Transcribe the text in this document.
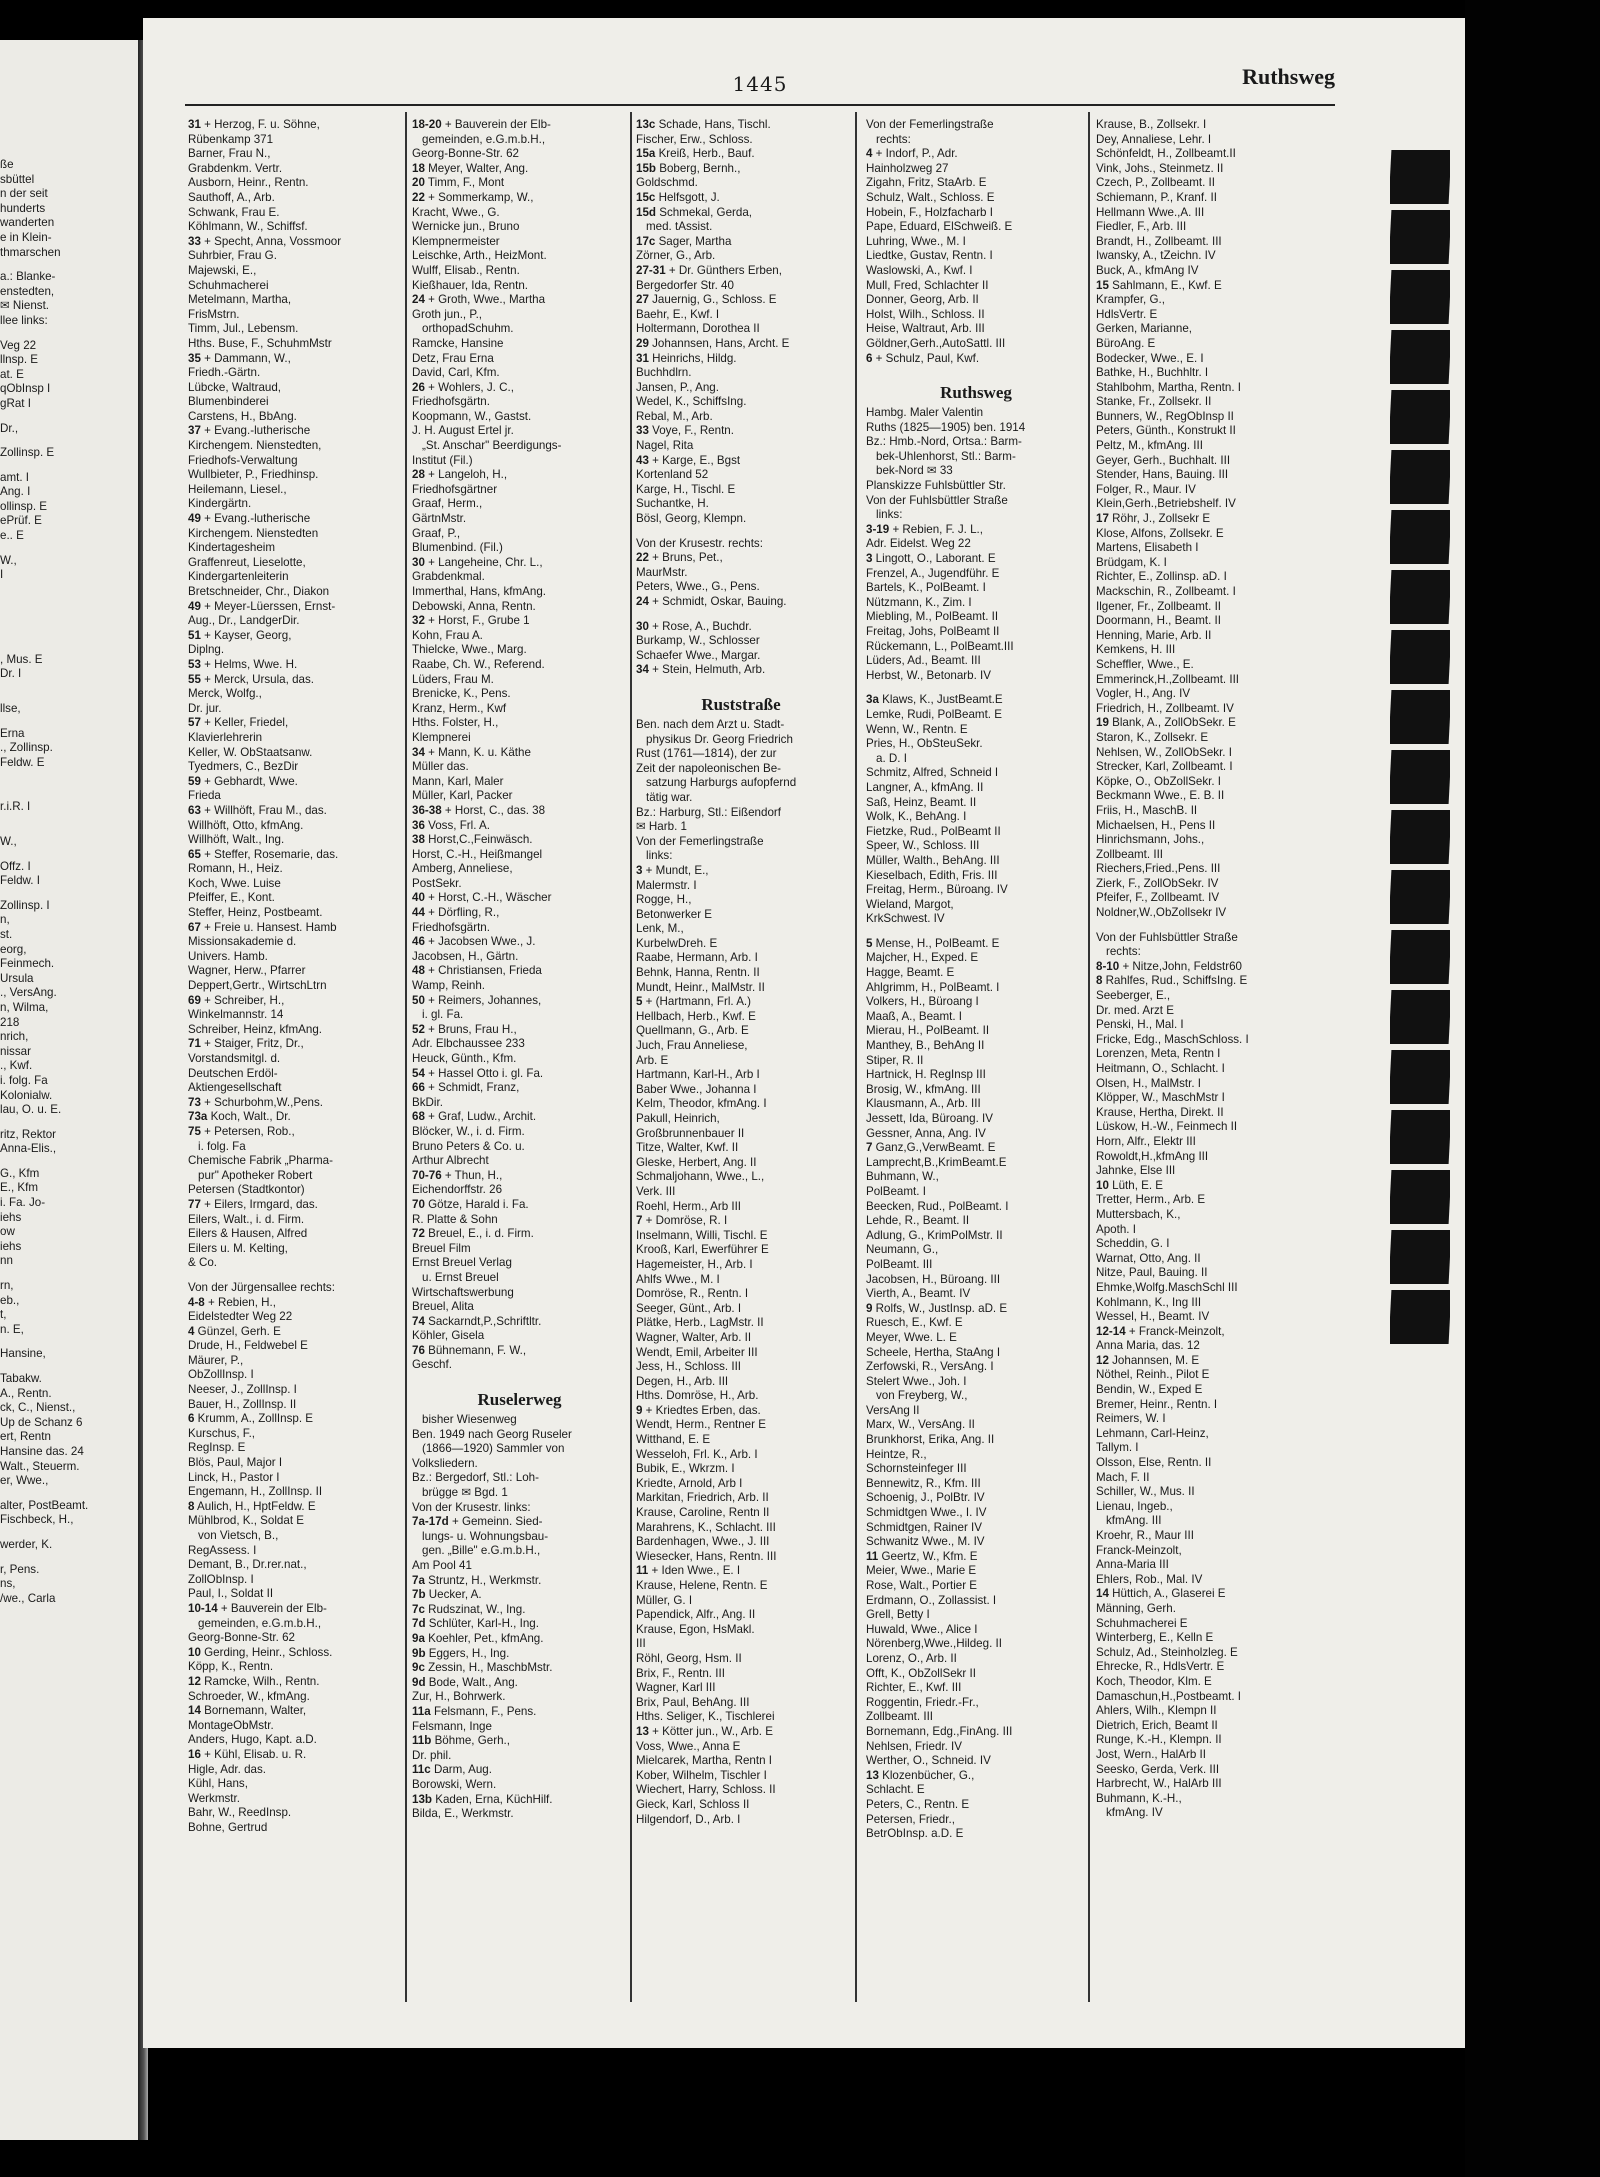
ße
sbüttel
n der seit
hunderts
wanderten
e in Klein-
thmarschen
a.: Blanke-
enstedten,
✉ Nienst.
llee links:
Veg 22
llnsp. E
at. E
qObInsp I
gRat I
Dr.,
Zollinsp. E
amt. I
Ang. I
ollinsp. E
ePrüf. E
e.. E
W.,
I
, Mus. E
Dr. I
llse,
Erna
., Zollinsp.
Feldw. E
r.i.R. I
W.,
Offz. I
Feldw. I
Zollinsp. I
n,
st.
eorg,
Feinmech.
Ursula
., VersAng.
n, Wilma,
218
nrich,
nissar
., Kwf.
i. folg. Fa
Kolonialw.
lau, O. u. E.
ritz, Rektor
Anna-Elis.,
G., Kfm
E., Kfm
i. Fa. Jo-
iehs
ow
iehs
nn
rn,
eb.,
t,
n. E,
Hansine,
Tabakw.
A., Rentn.
ck, C., Nienst.,
Up de Schanz 6
ert, Rentn
Hansine das. 24
Walt., Steuerm.
er, Wwe.,
alter, PostBeamt.
Fischbeck, H.,
werder, K.
r, Pens.
ns,
/we., Carla
1445	Ruthsweg
31 + Herzog, F. u. Söhne,
Rübenkamp 371
Barner, Frau N.,
Grabdenkm. Vertr.
Ausborn, Heinr., Rentn.
Sauthoff, A., Arb.
Schwank, Frau E.
Köhlmann, W., Schiffsf.
33 + Specht, Anna, Vossmoor
Suhrbier, Frau G.
Majewski, E.,
Schuhmacherei
Metelmann, Martha,
FrisMstrn.
Timm, Jul., Lebensm.
Hths. Buse, F., SchuhmMstr
35 + Dammann, W.,
Friedh.-Gärtn.
Lübcke, Waltraud,
Blumenbinderei
Carstens, H., BbAng.
37 + Evang.-lutherische
Kirchengem. Nienstedten,
Friedhofs-Verwaltung
Wullbieter, P., Friedhinsp.
Heilemann, Liesel.,
Kindergärtn.
49 + Evang.-lutherische
Kirchengem. Nienstedten
Kindertagesheim
Graffenreut, Lieselotte,
Kindergartenleiterin
Bretschneider, Chr., Diakon
49 + Meyer-Lüerssen, Ernst-
Aug., Dr., LandgerDir.
51 + Kayser, Georg,
Diplng.
53 + Helms, Wwe. H.
55 + Merck, Ursula, das.
Merck, Wolfg.,
Dr. jur.
57 + Keller, Friedel,
Klavierlehrerin
Keller, W. ObStaatsanw.
Tyedmers, C., BezDir
59 + Gebhardt, Wwe.
Frieda
63 + Willhöft, Frau M., das.
Willhöft, Otto, kfmAng.
Willhöft, Walt., Ing.
65 + Steffer, Rosemarie, das.
Romann, H., Heiz.
Koch, Wwe. Luise
Pfeiffer, E., Kont.
Steffer, Heinz, Postbeamt.
67 + Freie u. Hansest. Hamb
Missionsakademie d.
Univers. Hamb.
Wagner, Herw., Pfarrer
Deppert,Gertr., WirtschLtrn
69 + Schreiber, H.,
Winkelmannstr. 14
Schreiber, Heinz, kfmAng.
71 + Staiger, Fritz, Dr.,
Vorstandsmitgl. d.
Deutschen Erdöl-
Aktiengesellschaft
73 + Schurbohm,W.,Pens.
73a Koch, Walt., Dr.
75 + Petersen, Rob.,
i. folg. Fa
Chemische Fabrik „Pharma-
pur" Apotheker Robert
Petersen (Stadtkontor)
77 + Eilers, Irmgard, das.
Eilers, Walt., i. d. Firm.
Eilers & Hausen, Alfred
Eilers u. M. Kelting,
& Co.
Von der Jürgensallee rechts:
4-8 + Rebien, H.,
Eidelstedter Weg 22
4 Günzel, Gerh. E
Drude, H., Feldwebel E
Mäurer, P.,
ObZollInsp. I
Neeser, J., ZollInsp. I
Bauer, H., ZollInsp. II
6 Krumm, A., ZollInsp. E
Kurschus, F.,
RegInsp. E
Blös, Paul, Major I
Linck, H., Pastor I
Engemann, H., ZollInsp. II
8 Aulich, H., HptFeldw. E
Mühlbrod, K., Soldat E
von Vietsch, B.,
RegAssess. I
Demant, B., Dr.rer.nat.,
ZollObInsp. I
Paul, I., Soldat II
10-14 + Bauverein der Elb-
gemeinden, e.G.m.b.H.,
Georg-Bonne-Str. 62
10 Gerding, Heinr., Schloss.
Köpp, K., Rentn.
12 Ramcke, Wilh., Rentn.
Schroeder, W., kfmAng.
14 Bornemann, Walter,
MontageObMstr.
Anders, Hugo, Kapt. a.D.
16 + Kühl, Elisab. u. R.
Higle, Adr. das.
Kühl, Hans,
Werkmstr.
Bahr, W., ReedInsp.
Bohne, Gertrud
18-20 + Bauverein der Elb-
gemeinden, e.G.m.b.H.,
Georg-Bonne-Str. 62
18 Meyer, Walter, Ang.
20 Timm, F., Mont
22 + Sommerkamp, W.,
Kracht, Wwe., G.
Wernicke jun., Bruno
Klempnermeister
Leischke, Arth., HeizMont.
Wulff, Elisab., Rentn.
Kießhauer, Ida, Rentn.
24 + Groth, Wwe., Martha
Groth jun., P.,
orthopadSchuhm.
Ramcke, Hansine
Detz, Frau Erna
David, Carl, Kfm.
26 + Wohlers, J. C.,
Friedhofsgärtn.
Koopmann, W., Gastst.
J. H. August Ertel jr.
„St. Anschar" Beerdigungs-
Institut (Fil.)
28 + Langeloh, H.,
Friedhofsgärtner
Graaf, Herm.,
GärtnMstr.
Graaf, P.,
Blumenbind. (Fil.)
30 + Langeheine, Chr. L.,
Grabdenkmal.
Immerthal, Hans, kfmAng.
Debowski, Anna, Rentn.
32 + Horst, F., Grube 1
Kohn, Frau A.
Thielcke, Wwe., Marg.
Raabe, Ch. W., Referend.
Lüders, Frau M.
Brenicke, K., Pens.
Kranz, Herm., Kwf
Hths. Folster, H.,
Klempnerei
34 + Mann, K. u. Käthe
Müller das.
Mann, Karl, Maler
Müller, Karl, Packer
36-38 + Horst, C., das. 38
36 Voss, Frl. A.
38 Horst,C.,Feinwäsch.
Horst, C.-H., Heißmangel
Amberg, Anneliese,
PostSekr.
40 + Horst, C.-H., Wäscher
44 + Dörfling, R.,
Friedhofsgärtn.
46 + Jacobsen Wwe., J.
Jacobsen, H., Gärtn.
48 + Christiansen, Frieda
Wamp, Reinh.
50 + Reimers, Johannes,
i. gl. Fa.
52 + Bruns, Frau H.,
Adr. Elbchaussee 233
Heuck, Günth., Kfm.
54 + Hassel Otto i. gl. Fa.
66 + Schmidt, Franz,
BkDir.
68 + Graf, Ludw., Archit.
Blöcker, W., i. d. Firm.
Bruno Peters & Co. u.
Arthur Albrecht
70-76 + Thun, H.,
Eichendorffstr. 26
70 Götze, Harald i. Fa.
R. Platte & Sohn
72 Breuel, E., i. d. Firm.
Breuel Film
Ernst Breuel Verlag
u. Ernst Breuel
Wirtschaftswerbung
Breuel, Alita
74 Sackarndt,P.,Schriftltr.
Köhler, Gisela
76 Bühnemann, F. W.,
Geschf.
Ruselerweg
bisher Wiesenweg
Ben. 1949 nach Georg Ruseler
(1866—1920) Sammler von
Volksliedern.
Bz.: Bergedorf, Stl.: Loh-
brügge ✉ Bgd. 1
Von der Krusestr. links:
7a-17d + Gemeinn. Sied-
lungs- u. Wohnungsbau-
gen. „Bille" e.G.m.b.H.,
Am Pool 41
7a Struntz, H., Werkmstr.
7b Uecker, A.
7c Rudszinat, W., Ing.
7d Schlüter, Karl-H., Ing.
9a Koehler, Pet., kfmAng.
9b Eggers, H., Ing.
9c Zessin, H., MaschbMstr.
9d Bode, Walt., Ang.
Zur, H., Bohrwerk.
11a Felsmann, F., Pens.
Felsmann, Inge
11b Böhme, Gerh.,
Dr. phil.
11c Darm, Aug.
Borowski, Wern.
13b Kaden, Erna, KüchHilf.
Bilda, E., Werkmstr.
13c Schade, Hans, Tischl.
Fischer, Erw., Schloss.
15a Kreiß, Herb., Bauf.
15b Boberg, Bernh.,
Goldschmd.
15c Helfsgott, J.
15d Schmekal, Gerda,
med. tAssist.
17c Sager, Martha
Zörner, G., Arb.
27-31 + Dr. Günthers Erben,
Bergedorfer Str. 40
27 Jauernig, G., Schloss. E
Baehr, E., Kwf. I
Holtermann, Dorothea II
29 Johannsen, Hans, Archt. E
31 Heinrichs, Hildg.
Buchhdlrn.
Jansen, P., Ang.
Wedel, K., SchiffsIng.
Rebal, M., Arb.
33 Voye, F., Rentn.
Nagel, Rita
43 + Karge, E., Bgst
Kortenland 52
Karge, H., Tischl. E
Suchantke, H.
Bösl, Georg, Klempn.
Von der Krusestr. rechts:
22 + Bruns, Pet.,
MaurMstr.
Peters, Wwe., G., Pens.
24 + Schmidt, Oskar, Bauing.
30 + Rose, A., Buchdr.
Burkamp, W., Schlosser
Schaefer Wwe., Margar.
34 + Stein, Helmuth, Arb.
Ruststraße
Ben. nach dem Arzt u. Stadt-
physikus Dr. Georg Friedrich
Rust (1761—1814), der zur
Zeit der napoleonischen Be-
satzung Harburgs aufopfernd
tätig war.
Bz.: Harburg, Stl.: Eißendorf
✉ Harb. 1
Von der Femerlingstraße
links:
3 + Mundt, E.,
Malermstr. I
Rogge, H.,
Betonwerker E
Lenk, M.,
KurbelwDreh. E
Raabe, Hermann, Arb. I
Behnk, Hanna, Rentn. II
Mundt, Heinr., MalMstr. II
5 + (Hartmann, Frl. A.)
Hellbach, Herb., Kwf. E
Quellmann, G., Arb. E
Juch, Frau Anneliese,
Arb. E
Hartmann, Karl-H., Arb I
Baber Wwe., Johanna I
Kelm, Theodor, kfmAng. I
Pakull, Heinrich,
Großbrunnenbauer II
Titze, Walter, Kwf. II
Gleske, Herbert, Ang. II
Schmaljohann, Wwe., L.,
Verk. III
Roehl, Herm., Arb III
7 + Domröse, R. I
Inselmann, Willi, Tischl. E
Krooß, Karl, Ewerführer E
Hagemeister, H., Arb. I
Ahlfs Wwe., M. I
Domröse, R., Rentn. I
Seeger, Günt., Arb. I
Plätke, Herb., LagMstr. II
Wagner, Walter, Arb. II
Wendt, Emil, Arbeiter III
Jess, H., Schloss. III
Degen, H., Arb. III
Hths. Domröse, H., Arb.
9 + Kriedtes Erben, das.
Wendt, Herm., Rentner E
Witthand, E. E
Wesseloh, Frl. K., Arb. I
Bubik, E., Wkrzm. I
Kriedte, Arnold, Arb I
Markitan, Friedrich, Arb. II
Krause, Caroline, Rentn II
Marahrens, K., Schlacht. III
Bardenhagen, Wwe., J. III
Wiesecker, Hans, Rentn. III
11 + Iden Wwe., E. I
Krause, Helene, Rentn. E
Müller, G. I
Papendick, Alfr., Ang. II
Krause, Egon, HsMakl.
III
Röhl, Georg, Hsm. II
Brix, F., Rentn. III
Wagner, Karl III
Brix, Paul, BehAng. III
Hths. Seliger, K., Tischlerei
13 + Kötter jun., W., Arb. E
Voss, Wwe., Anna E
Mielcarek, Martha, Rentn I
Kober, Wilhelm, Tischler I
Wiechert, Harry, Schloss. II
Gieck, Karl, Schloss II
Hilgendorf, D., Arb. I
Von der Femerlingstraße
rechts:
4 + Indorf, P., Adr.
Hainholzweg 27
Zigahn, Fritz, StaArb. E
Schulz, Walt., Schloss. E
Hobein, F., Holzfacharb I
Pape, Eduard, ElSchweiß. E
Luhring, Wwe., M. I
Liedtke, Gustav, Rentn. I
Waslowski, A., Kwf. I
Mull, Fred, Schlachter II
Donner, Georg, Arb. II
Holst, Wilh., Schloss. II
Heise, Waltraut, Arb. III
Göldner,Gerh.,AutoSattl. III
6 + Schulz, Paul, Kwf.
Ruthsweg
Hambg. Maler Valentin
Ruths (1825—1905) ben. 1914
Bz.: Hmb.-Nord, Ortsa.: Barm-
bek-Uhlenhorst, Stl.: Barm-
bek-Nord ✉ 33
Planskizze Fuhlsbüttler Str.
Von der Fuhlsbüttler Straße
links:
3-19 + Rebien, F. J. L.,
Adr. Eidelst. Weg 22
3 Lingott, O., Laborant. E
Frenzel, A., Jugendführ. E
Bartels, K., PolBeamt. I
Nützmann, K., Zim. I
Miebling, M., PolBeamt. II
Freitag, Johs, PolBeamt II
Rückemann, L., PolBeamt.III
Lüders, Ad., Beamt. III
Herbst, W., Betonarb. IV
3a Klaws, K., JustBeamt.E
Lemke, Rudi, PolBeamt. E
Wenn, W., Rentn. E
Pries, H., ObSteuSekr.
a. D. I
Schmitz, Alfred, Schneid I
Langner, A., kfmAng. II
Saß, Heinz, Beamt. II
Wolk, K., BehAng. I
Fietzke, Rud., PolBeamt II
Speer, W., Schloss. III
Müller, Walth., BehAng. III
Kieselbach, Edith, Fris. III
Freitag, Herm., Büroang. IV
Wieland, Margot,
KrkSchwest. IV
5 Mense, H., PolBeamt. E
Majcher, H., Exped. E
Hagge, Beamt. E
Ahlgrimm, H., PolBeamt. I
Volkers, H., Büroang I
Maaß, A., Beamt. I
Mierau, H., PolBeamt. II
Manthey, B., BehAng II
Stiper, R. II
Hartnick, H. RegInsp III
Brosig, W., kfmAng. III
Klausmann, A., Arb. III
Jessett, Ida, Büroang. IV
Gessner, Anna, Ang. IV
7 Ganz,G.,VerwBeamt. E
Lamprecht,B.,KrimBeamt.E
Buhmann, W.,
PolBeamt. I
Beecken, Rud., PolBeamt. I
Lehde, R., Beamt. II
Adlung, G., KrimPolMstr. II
Neumann, G.,
PolBeamt. III
Jacobsen, H., Büroang. III
Vierth, A., Beamt. IV
9 Rolfs, W., JustInsp. aD. E
Ruesch, E., Kwf. E
Meyer, Wwe. L. E
Scheele, Hertha, StaAng I
Zerfowski, R., VersAng. I
Stelert Wwe., Joh. I
von Freyberg, W.,
VersAng II
Marx, W., VersAng. II
Brunkhorst, Erika, Ang. II
Heintze, R.,
Schornsteinfeger III
Bennewitz, R., Kfm. III
Schoenig, J., PolBtr. IV
Schmidtgen Wwe., I. IV
Schmidtgen, Rainer IV
Schwanitz Wwe., M. IV
11 Geertz, W., Kfm. E
Meier, Wwe., Marie E
Rose, Walt., Portier E
Erdmann, O., Zollassist. I
Grell, Betty I
Huwald, Wwe., Alice I
Nörenberg,Wwe.,Hildeg. II
Lorenz, O., Arb. II
Offt, K., ObZollSekr II
Richter, E., Kwf. III
Roggentin, Friedr.-Fr.,
Zollbeamt. III
Bornemann, Edg.,FinAng. III
Nehlsen, Friedr. IV
Werther, O., Schneid. IV
13 Klozenbücher, G.,
Schlacht. E
Peters, C., Rentn. E
Petersen, Friedr.,
BetrObInsp. a.D. E
Krause, B., Zollsekr. I
Dey, Annaliese, Lehr. I
Schönfeldt, H., Zollbeamt.II
Vink, Johs., Steinmetz. II
Czech, P., Zollbeamt. II
Schiemann, P., Kranf. II
Hellmann Wwe.,A. III
Fiedler, F., Arb. III
Brandt, H., Zollbeamt. III
Iwansky, A., tZeichn. IV
Buck, A., kfmAng IV
15 Sahlmann, E., Kwf. E
Krampfer, G.,
HdlsVertr. E
Gerken, Marianne,
BüroAng. E
Bodecker, Wwe., E. I
Bathke, H., Buchhltr. I
Stahlbohm, Martha, Rentn. I
Stanke, Fr., Zollsekr. II
Bunners, W., RegObInsp II
Peters, Günth., Konstrukt II
Peltz, M., kfmAng. III
Geyer, Gerh., Buchhalt. III
Stender, Hans, Bauing. III
Folger, R., Maur. IV
Klein,Gerh.,Betriebshelf. IV
17 Röhr, J., Zollsekr E
Klose, Alfons, Zollsekr. E
Martens, Elisabeth I
Brüdgam, K. I
Richter, E., Zollinsp. aD. I
Mackschin, R., Zollbeamt. I
Ilgener, Fr., Zollbeamt. II
Doormann, H., Beamt. II
Henning, Marie, Arb. II
Kemkens, H. III
Scheffler, Wwe., E.
Emmerinck,H.,Zollbeamt. III
Vogler, H., Ang. IV
Friedrich, H., Zollbeamt. IV
19 Blank, A., ZollObSekr. E
Staron, K., Zollsekr. E
Nehlsen, W., ZollObSekr. I
Strecker, Karl, Zollbeamt. I
Köpke, O., ObZollSekr. I
Beckmann Wwe., E. B. II
Friis, H., MaschB. II
Michaelsen, H., Pens II
Hinrichsmann, Johs.,
Zollbeamt. III
Riechers,Fried.,Pens. III
Zierk, F., ZollObSekr. IV
Pfeifer, F., Zollbeamt. IV
Noldner,W.,ObZollsekr IV
Von der Fuhlsbüttler Straße
rechts:
8-10 + Nitze,John, Feldstr60
8 Rahlfes, Rud., SchiffsIng. E
Seeberger, E.,
Dr. med. Arzt E
Penski, H., Mal. I
Fricke, Edg., MaschSchloss. I
Lorenzen, Meta, Rentn I
Heitmann, O., Schlacht. I
Olsen, H., MalMstr. I
Klöpper, W., MaschMstr I
Krause, Hertha, Direkt. II
Lüskow, H.-W., Feinmech II
Horn, Alfr., Elektr III
Rowoldt,H.,kfmAng III
Jahnke, Else III
10 Lüth, E. E
Tretter, Herm., Arb. E
Muttersbach, K.,
Apoth. I
Scheddin, G. I
Warnat, Otto, Ang. II
Nitze, Paul, Bauing. II
Ehmke,Wolfg.MaschSchl III
Kohlmann, K., Ing III
Wessel, H., Beamt. IV
12-14 + Franck-Meinzolt,
Anna Maria, das. 12
12 Johannsen, M. E
Nöthel, Reinh., Pilot E
Bendin, W., Exped E
Bremer, Heinr., Rentn. I
Reimers, W. I
Lehmann, Carl-Heinz,
Tallym. I
Olsson, Else, Rentn. II
Mach, F. II
Schiller, W., Mus. II
Lienau, Ingeb.,
kfmAng. III
Kroehr, R., Maur III
Franck-Meinzolt,
Anna-Maria III
Ehlers, Rob., Mal. IV
14 Hüttich, A., Glaserei E
Männing, Gerh.
Schuhmacherei E
Winterberg, E., Kelln E
Schulz, Ad., Steinholzleg. E
Ehrecke, R., HdlsVertr. E
Koch, Theodor, Klm. E
Damaschun,H.,Postbeamt. I
Ahlers, Wilh., Klempn II
Dietrich, Erich, Beamt II
Runge, K.-H., Klempn. II
Jost, Wern., HalArb II
Seesko, Gerda, Verk. III
Harbrecht, W., HalArb III
Buhmann, K.-H.,
kfmAng. IV
